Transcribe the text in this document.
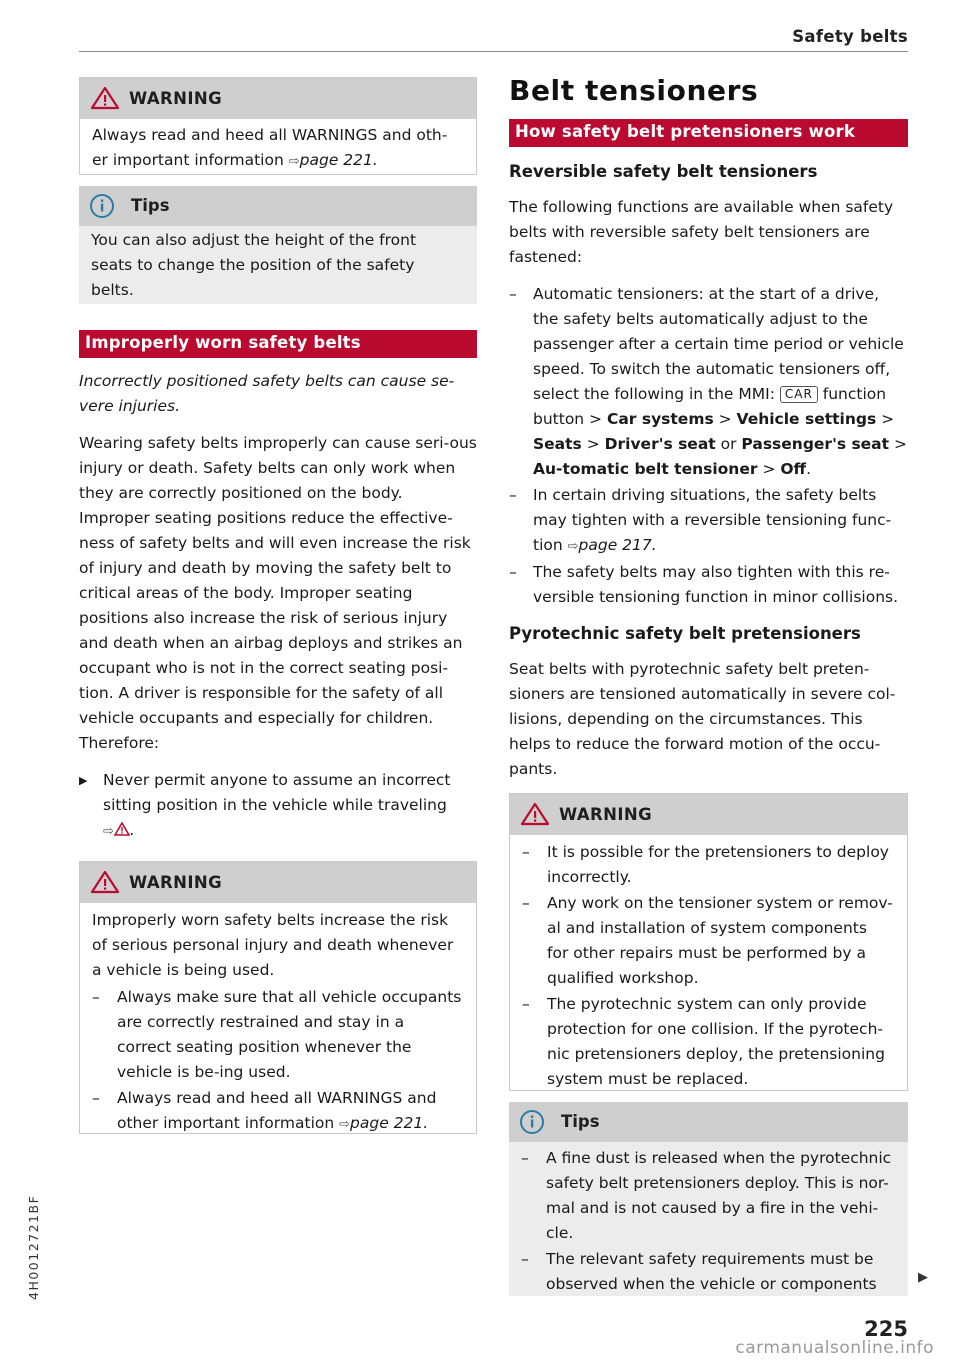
Safety belts
WARNING
Always read and heed all WARNINGS and oth-er important information ⇨page 221.
Tips
You can also adjust the height of the front seats to change the position of the safety belts.
Improperly worn safety belts

Incorrectly positioned safety belts can cause se-vere injuries.

Wearing safety belts improperly can cause seri-ous injury or death. Safety belts can only work when they are correctly positioned on the body. Improper seating positions reduce the effective-ness of safety belts and will even increase the risk of injury and death by moving the safety belt to critical areas of the body. Improper seating positions also increase the risk of serious injury and death when an airbag deploys and strikes an occupant who is not in the correct seating posi-tion. A driver is responsible for the safety of all vehicle occupants and especially for children. Therefore:

▶ Never permit anyone to assume an incorrect sitting position in the vehicle while traveling
⇨ .
WARNING
Improperly worn safety belts increase the risk of serious personal injury and death whenever a vehicle is being used.
– Always make sure that all vehicle occupants are correctly restrained and stay in a correct seating position whenever the vehicle is be-ing used.
– Always read and heed all WARNINGS and other important information ⇨page 221.
Belt tensioners
How safety belt pretensioners work
Reversible safety belt tensioners

The following functions are available when safety belts with reversible safety belt tensioners are fastened:

– Automatic tensioners: at the start of a drive, the safety belts automatically adjust to the passenger after a certain time period or vehicle speed. To switch the automatic tensioners off, select the following in the MMI: CAR function button > Car systems > Vehicle settings > Seats > Driver's seat or Passenger's seat > Au-tomatic belt tensioner > Off.
– In certain driving situations, the safety belts may tighten with a reversible tensioning func-tion ⇨page 217.
– The safety belts may also tighten with this re-versible tensioning function in minor collisions.
Pyrotechnic safety belt pretensioners
Seat belts with pyrotechnic safety belt preten-sioners are tensioned automatically in severe col-lisions, depending on the circumstances. This helps to reduce the forward motion of the occu-pants.
WARNING
– It is possible for the pretensioners to deploy incorrectly.
– Any work on the tensioner system or remov-al and installation of system components for other repairs must be performed by a qualified workshop.
– The pyrotechnic system can only provide protection for one collision. If the pyrotech-nic pretensioners deploy, the pretensioning system must be replaced.
Tips
– A fine dust is released when the pyrotechnic safety belt pretensioners deploy. This is nor-mal and is not caused by a fire in the vehi-cle.
– The relevant safety requirements must be observed when the vehicle or components	▶
4H0012721BF
225
carmanualsonline.info
